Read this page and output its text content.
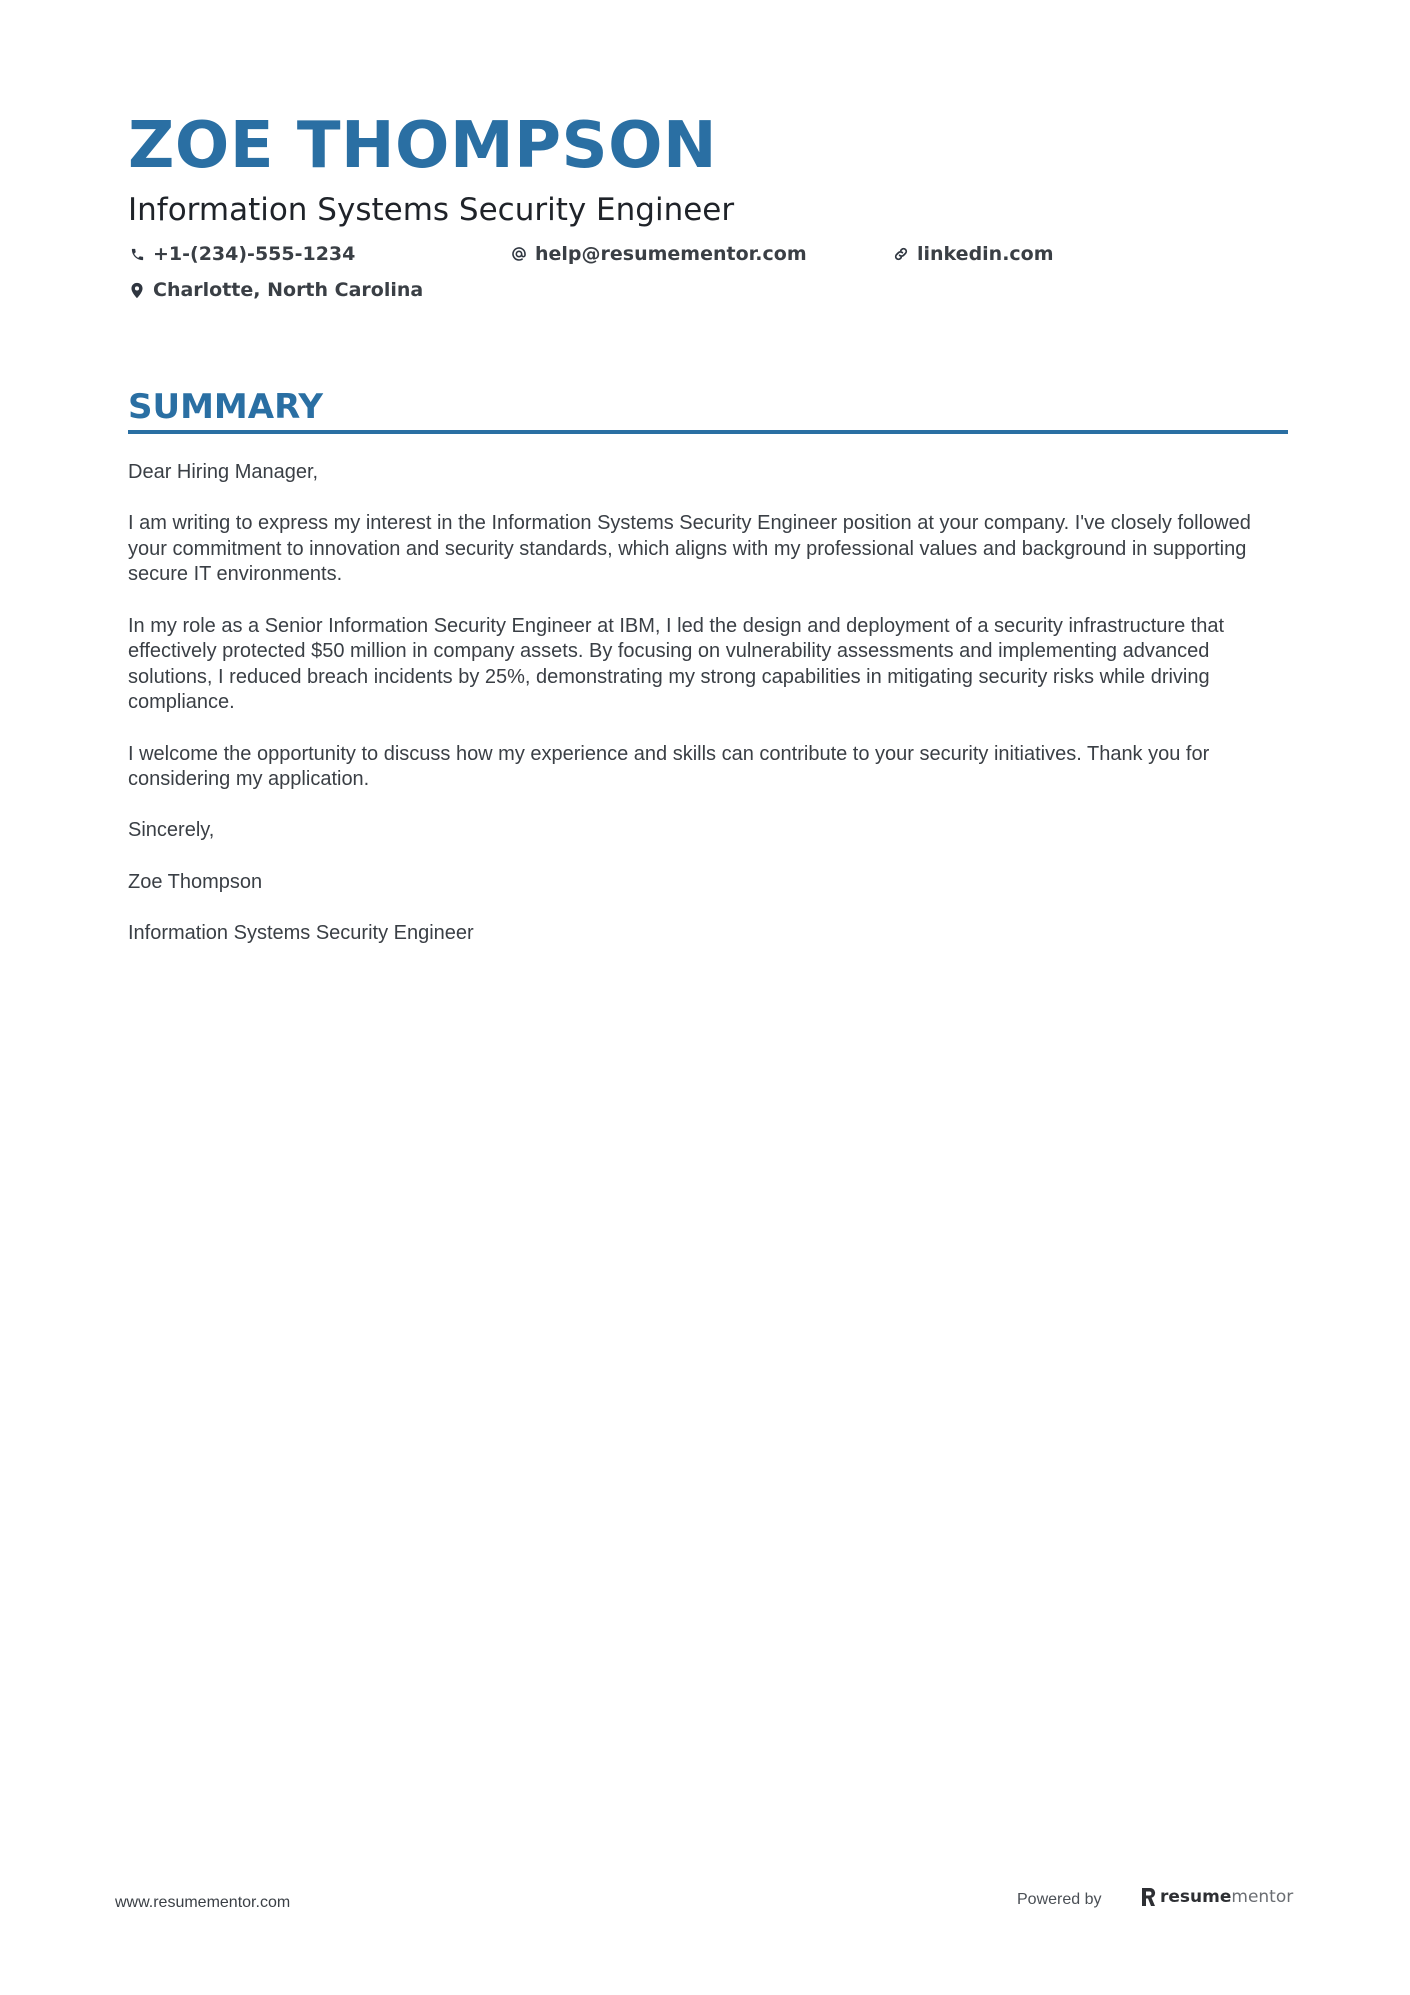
ZOE THOMPSON
Information Systems Security Engineer
+1-(234)-555-1234	help@resumementor.com	linkedin.com
Charlotte, North Carolina
SUMMARY

Dear Hiring Manager,

I am writing to express my interest in the Information Systems Security Engineer position at your company. I've closely followed your commitment to innovation and security standards, which aligns with my professional values and background in supporting secure IT environments.

In my role as a Senior Information Security Engineer at IBM, I led the design and deployment of a security infrastructure that effectively protected $50 million in company assets. By focusing on vulnerability assessments and implementing advanced solutions, I reduced breach incidents by 25%, demonstrating my strong capabilities in mitigating security risks while driving compliance.

I welcome the opportunity to discuss how my experience and skills can contribute to your security initiatives. Thank you for considering my application.

Sincerely,

Zoe Thompson

Information Systems Security Engineer

www.resumementor.com	Powered by	resume mentor
